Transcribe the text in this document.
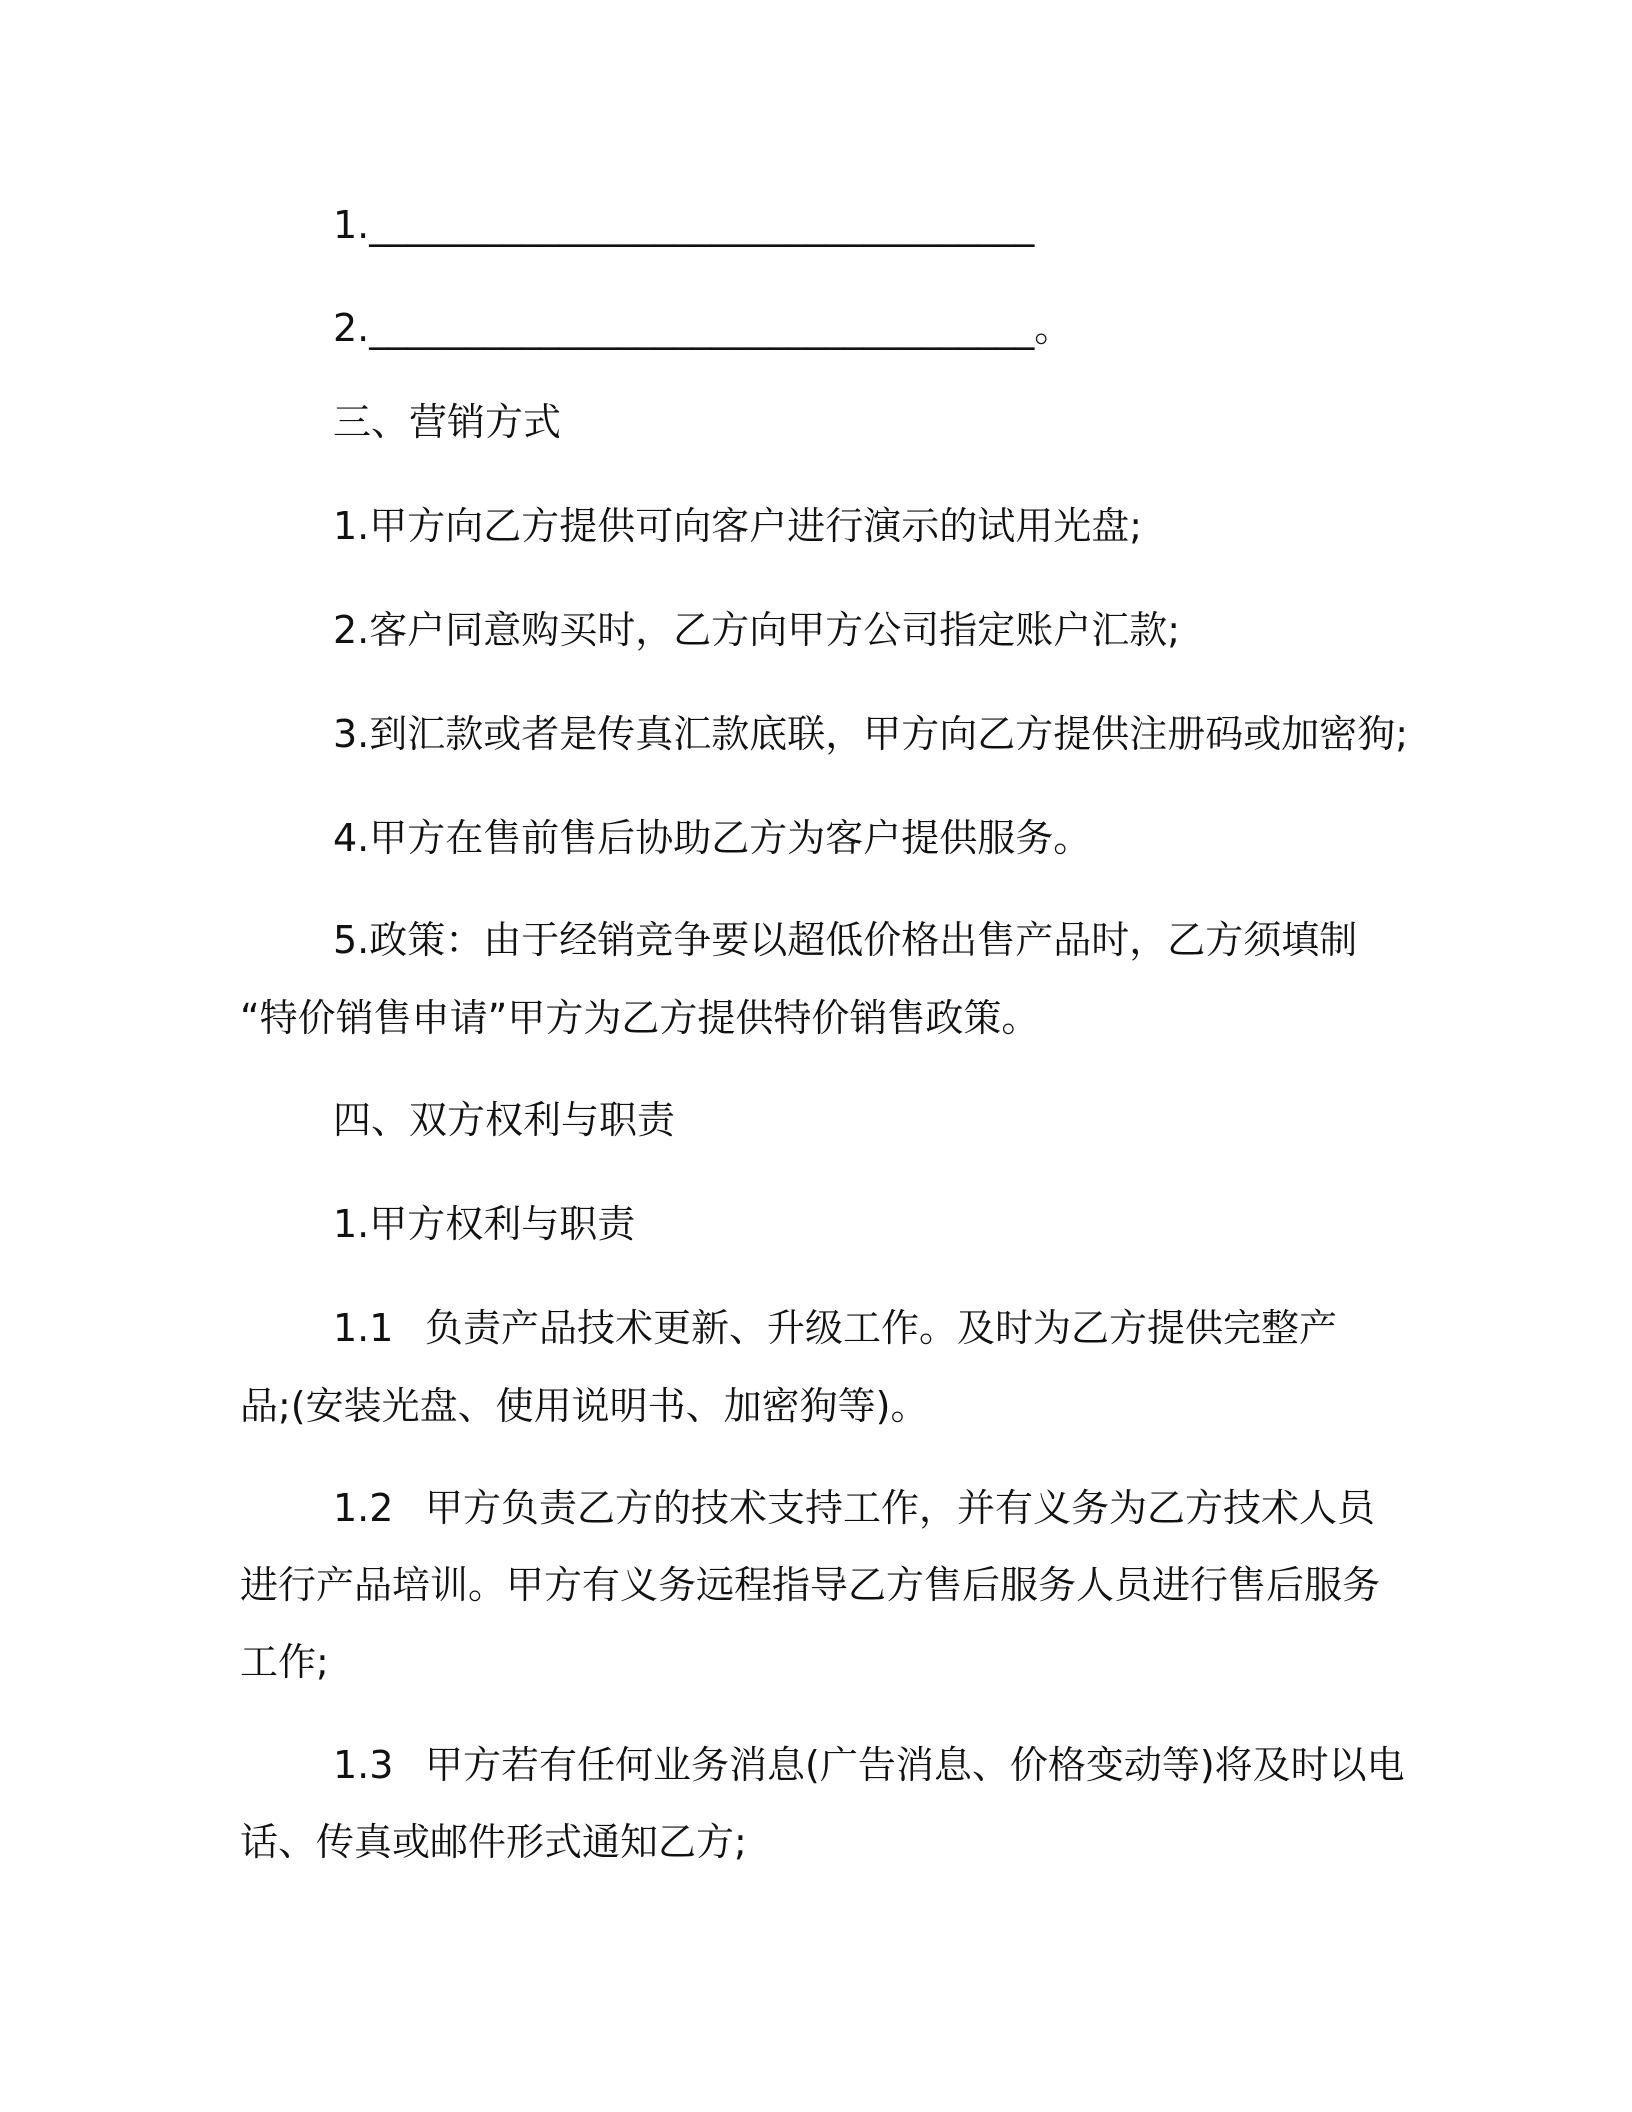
1.___________________________________
2.___________________________________。
三、营销方式
1.甲方向乙方提供可向客户进行演示的试用光盘;
2.客户同意购买时，乙方向甲方公司指定账户汇款;
3.到汇款或者是传真汇款底联，甲方向乙方提供注册码或加密狗;
4.甲方在售前售后协助乙方为客户提供服务。
5.政策：由于经销竞争要以超低价格出售产品时，乙方须填制
“特价销售申请”甲方为乙方提供特价销售政策。
四、双方权利与职责
1.甲方权利与职责
1.1 负责产品技术更新、升级工作。及时为乙方提供完整产
品;(安装光盘、使用说明书、加密狗等)。
1.2 甲方负责乙方的技术支持工作，并有义务为乙方技术人员
进行产品培训。甲方有义务远程指导乙方售后服务人员进行售后服务
工作;
1.3 甲方若有任何业务消息(广告消息、价格变动等)将及时以电
话、传真或邮件形式通知乙方;
